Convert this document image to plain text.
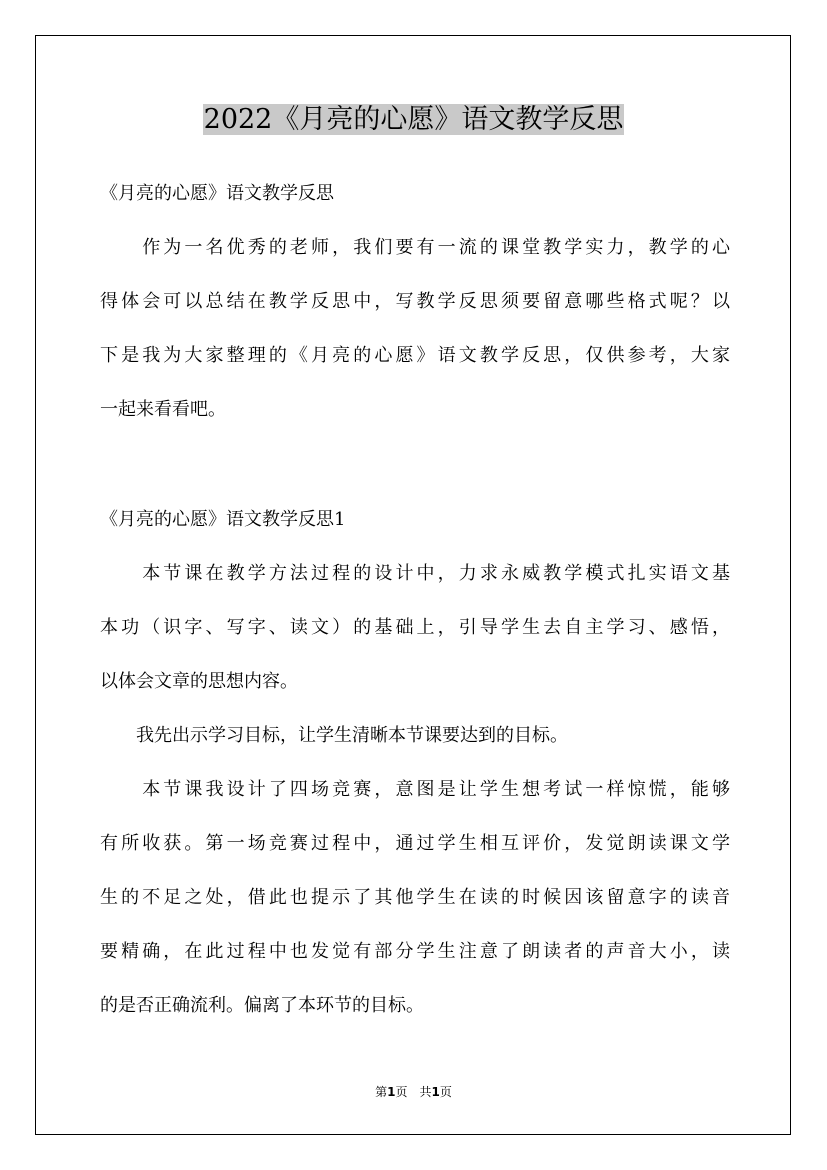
2022《月亮的心愿》语文教学反思
《月亮的心愿》语文教学反思
　　作为一名优秀的老师，我们要有一流的课堂教学实力，教学的心
得体会可以总结在教学反思中，写教学反思须要留意哪些格式呢？以
下是我为大家整理的《月亮的心愿》语文教学反思，仅供参考，大家
一起来看看吧。
《月亮的心愿》语文教学反思1
　　本节课在教学方法过程的设计中，力求永威教学模式扎实语文基
本功（识字、写字、读文）的基础上，引导学生去自主学习、感悟，
以体会文章的思想内容。
　　我先出示学习目标，让学生清晰本节课要达到的目标。
　　本节课我设计了四场竞赛，意图是让学生想考试一样惊慌，能够
有所收获。第一场竞赛过程中，通过学生相互评价，发觉朗读课文学
生的不足之处，借此也提示了其他学生在读的时候因该留意字的读音
要精确，在此过程中也发觉有部分学生注意了朗读者的声音大小，读
的是否正确流利。偏离了本环节的目标。
第1页　共1页
